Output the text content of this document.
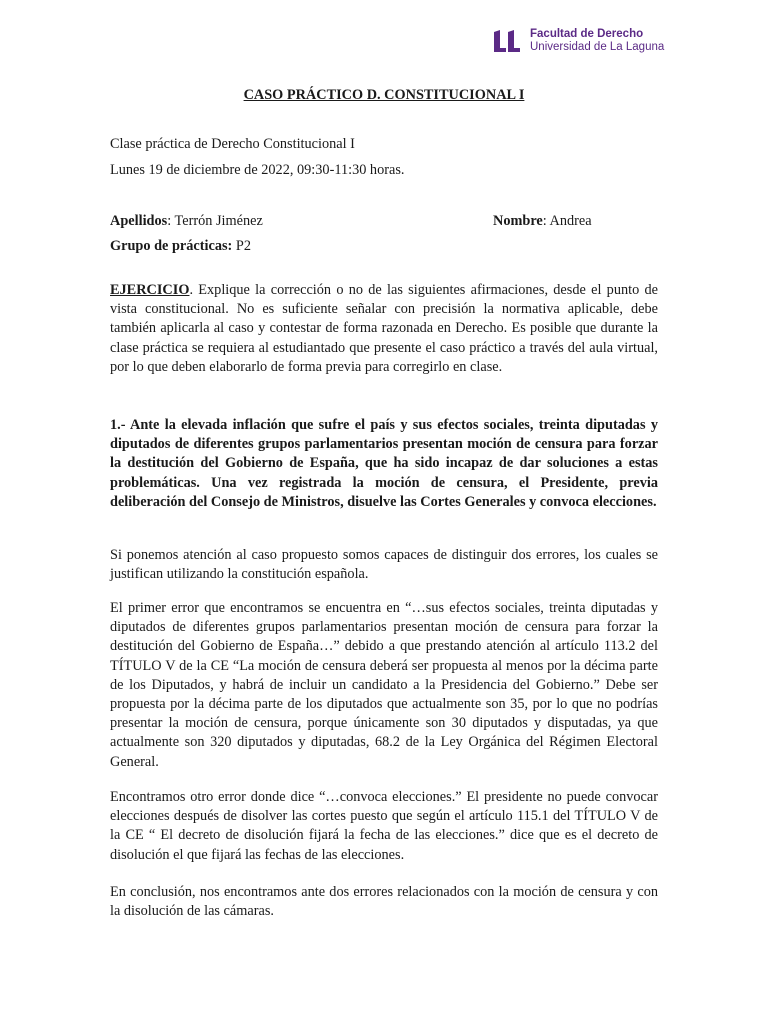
Facultad de Derecho
Universidad de La Laguna
CASO PRÁCTICO D. CONSTITUCIONAL I
Clase práctica de Derecho Constitucional I
Lunes 19 de diciembre de 2022, 09:30-11:30 horas.
Apellidos: Terrón Jiménez	Nombre: Andrea
Grupo de prácticas: P2
EJERCICIO. Explique la corrección o no de las siguientes afirmaciones, desde el punto de vista constitucional. No es suficiente señalar con precisión la normativa aplicable, debe también aplicarla al caso y contestar de forma razonada en Derecho. Es posible que durante la clase práctica se requiera al estudiantado que presente el caso práctico a través del aula virtual, por lo que deben elaborarlo de forma previa para corregirlo en clase.
1.- Ante la elevada inflación que sufre el país y sus efectos sociales, treinta diputadas y diputados de diferentes grupos parlamentarios presentan moción de censura para forzar la destitución del Gobierno de España, que ha sido incapaz de dar soluciones a estas problemáticas. Una vez registrada la moción de censura, el Presidente, previa deliberación del Consejo de Ministros, disuelve las Cortes Generales y convoca elecciones.
Si ponemos atención al caso propuesto somos capaces de distinguir dos errores, los cuales se justifican utilizando la constitución española.
El primer error que encontramos se encuentra en “…sus efectos sociales, treinta diputadas y diputados de diferentes grupos parlamentarios presentan moción de censura para forzar la destitución del Gobierno de España…” debido a que prestando atención al artículo 113.2 del TÍTULO V de la CE “La moción de censura deberá ser propuesta al menos por la décima parte de los Diputados, y habrá de incluir un candidato a la Presidencia del Gobierno.” Debe ser propuesta por la décima parte de los diputados que actualmente son 35, por lo que no podrías presentar la moción de censura, porque únicamente son 30 diputados y disputadas, ya que actualmente son 320 diputados y diputadas, 68.2 de la Ley Orgánica del Régimen Electoral General.
Encontramos otro error donde dice “…convoca elecciones.” El presidente no puede convocar elecciones después de disolver las cortes puesto que según el artículo 115.1 del TÍTULO V de la CE “ El decreto de disolución fijará la fecha de las elecciones.” dice que es el decreto de disolución el que fijará las fechas de las elecciones.
En conclusión, nos encontramos ante dos errores relacionados con la moción de censura y con la disolución de las cámaras.
